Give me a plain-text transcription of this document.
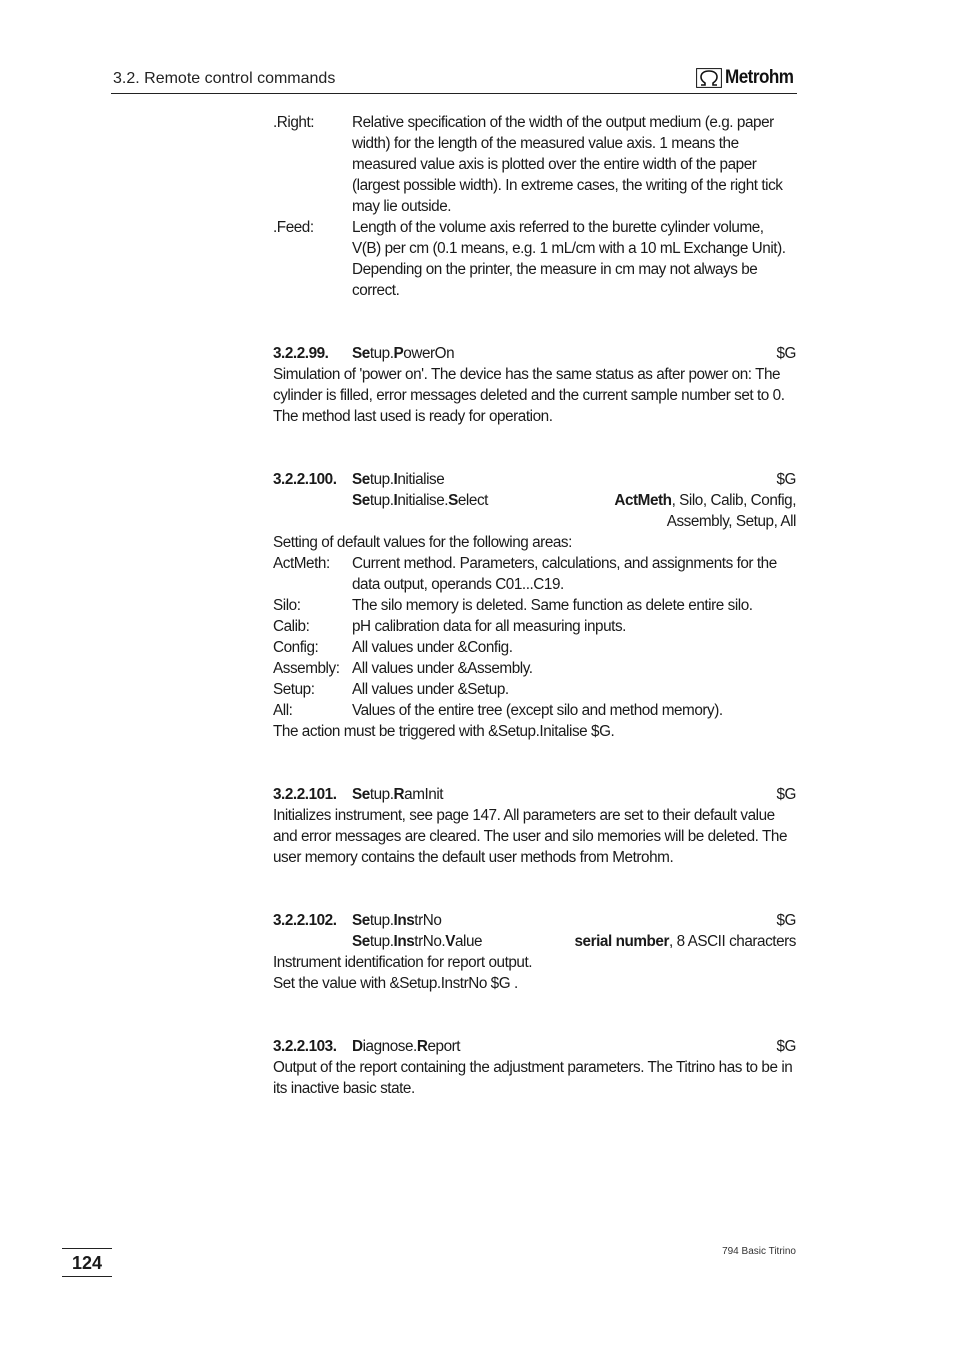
3.2. Remote control commands	Metrohm
.Right:	Relative specification of the width of the output medium (e.g. paper width) for the length of the measured value axis. 1 means the measured value axis is plotted over the entire width of the paper (largest possible width). In extreme cases, the writing of the right tick may lie outside.
.Feed:	Length of the volume axis referred to the burette cylinder volume, V(B) per cm (0.1 means, e.g. 1 mL/cm with a 10 mL Exchange Unit). Depending on the printer, the measure in cm may not always be correct.
3.2.2.99.	Setup.PowerOn	$G
Simulation of 'power on'. The device has the same status as after power on: The cylinder is filled, error messages deleted and the current sample number set to 0. The method last used is ready for operation.
3.2.2.100.	Setup.Initialise	$G
Setup.Initialise.Select	ActMeth, Silo, Calib, Config,
Assembly, Setup, All
Setting of default values for the following areas:
ActMeth:	Current method. Parameters, calculations, and assignments for the data output, operands C01...C19.
Silo:	The silo memory is deleted. Same function as delete entire silo.
Calib:	pH calibration data for all measuring inputs.
Config:	All values under &Config.
Assembly: All values under &Assembly.
Setup:	All values under &Setup.
All:	Values of the entire tree (except silo and method memory).
The action must be triggered with &Setup.Initalise $G.
3.2.2.101.	Setup.RamInit	$G
Initializes instrument, see page 147. All parameters are set to their default value and error messages are cleared. The user and silo memories will be deleted. The user memory contains the default user methods from Metrohm.
3.2.2.102.	Setup.InstrNo	$G
Setup.InstrNo.Value	serial number, 8 ASCII characters
Instrument identification for report output.
Set the value with &Setup.InstrNo $G .
3.2.2.103.	Diagnose.Report	$G
Output of the report containing the adjustment parameters. The Titrino has to be in its inactive basic state.
124
794 Basic Titrino
